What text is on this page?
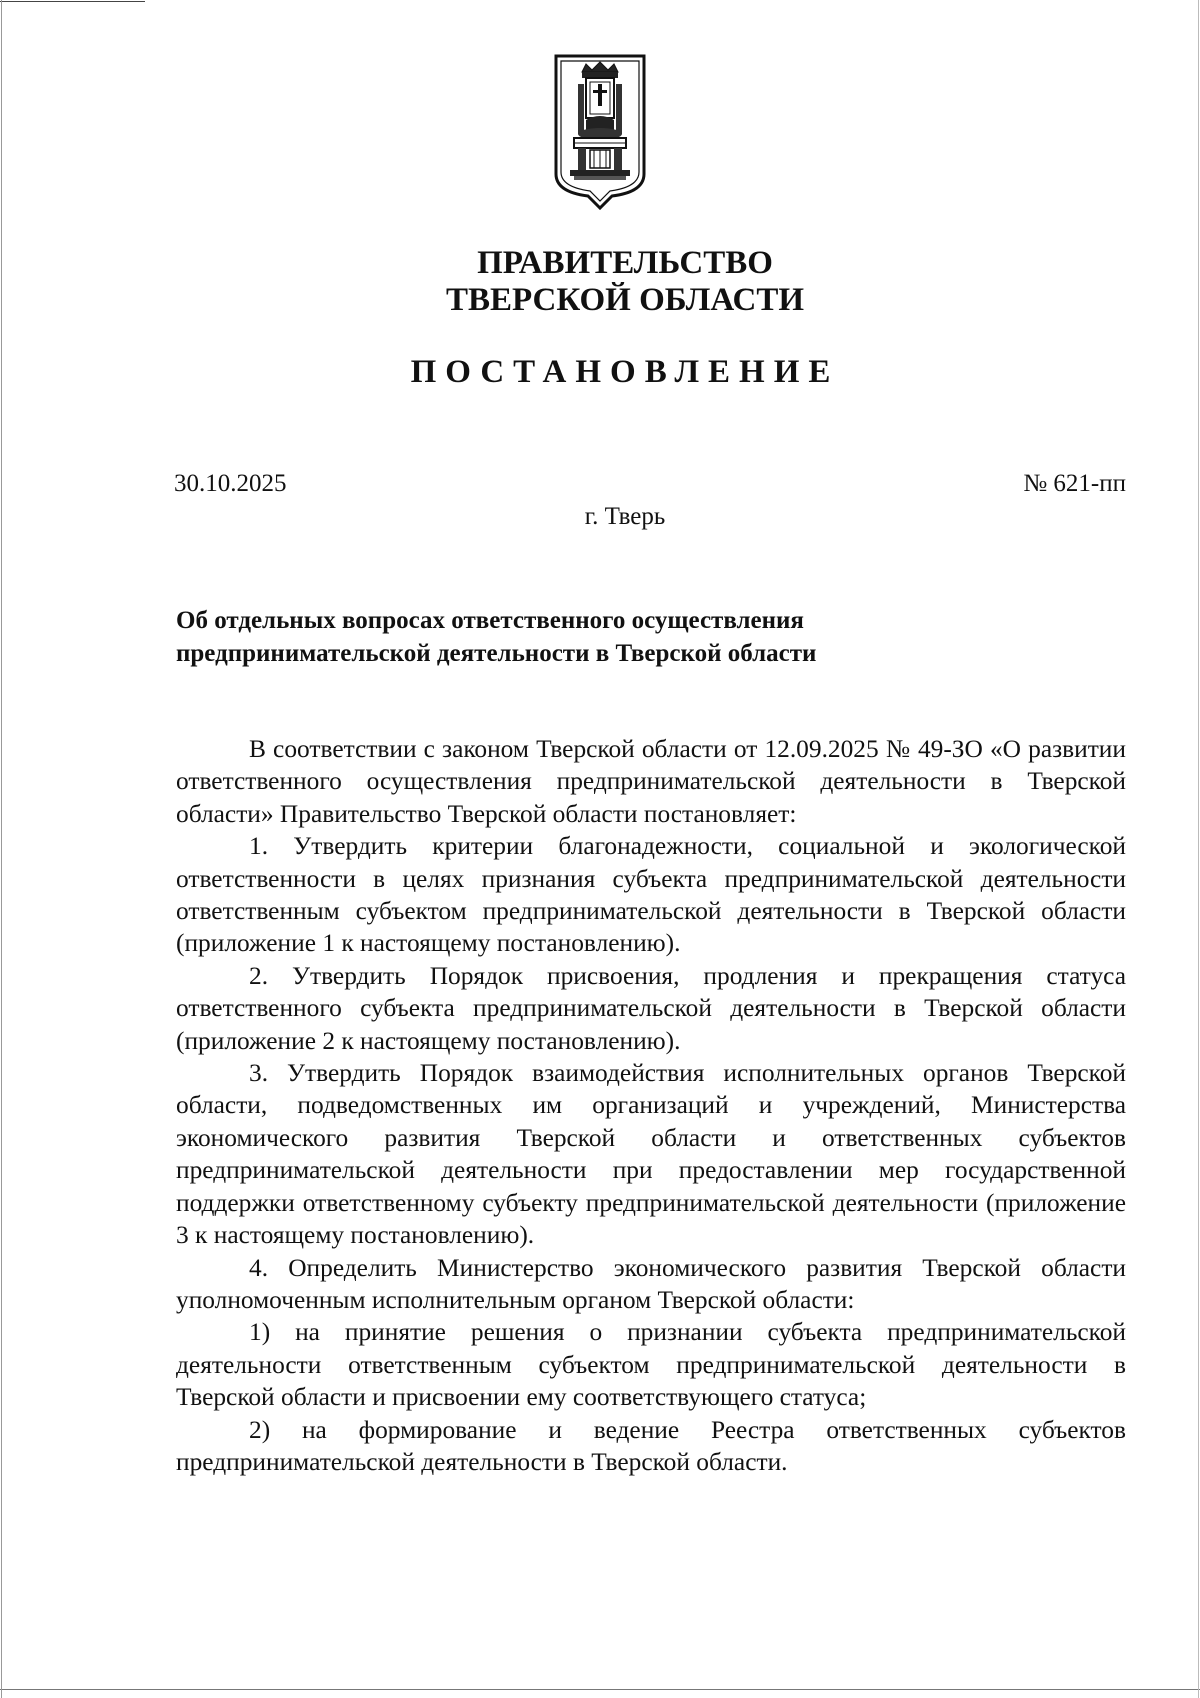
ПРАВИТЕЛЬСТВО
ТВЕРСКОЙ ОБЛАСТИ
ПОСТАНОВЛЕНИЕ
30.10.2025	№ 621-пп
г. Тверь
Об отдельных вопросах ответственного осуществления
предпринимательской деятельности в Тверской области

В соответствии с законом Тверской области от 12.09.2025 № 49-ЗО «О развитии ответственного осуществления предпринимательской деятельности в Тверской области» Правительство Тверской области постановляет:

1. Утвердить критерии благонадежности, социальной и экологической ответственности в целях признания субъекта предпринимательской деятельности ответственным субъектом предпринимательской деятельности в Тверской области (приложение 1 к настоящему постановлению).

2. Утвердить Порядок присвоения, продления и прекращения статуса ответственного субъекта предпринимательской деятельности в Тверской области (приложение 2 к настоящему постановлению).

3. Утвердить Порядок взаимодействия исполнительных органов Тверской области, подведомственных им организаций и учреждений, Министерства экономического развития Тверской области и ответственных субъектов предпринимательской деятельности при предоставлении мер государственной поддержки ответственному субъекту предпринимательской деятельности (приложение 3 к настоящему постановлению).

4. Определить Министерство экономического развития Тверской области уполномоченным исполнительным органом Тверской области:

1) на принятие решения о признании субъекта предпринимательской деятельности ответственным субъектом предпринимательской деятельности в Тверской области и присвоении ему соответствующего статуса;

2) на формирование и ведение Реестра ответственных субъектов предпринимательской деятельности в Тверской области.
